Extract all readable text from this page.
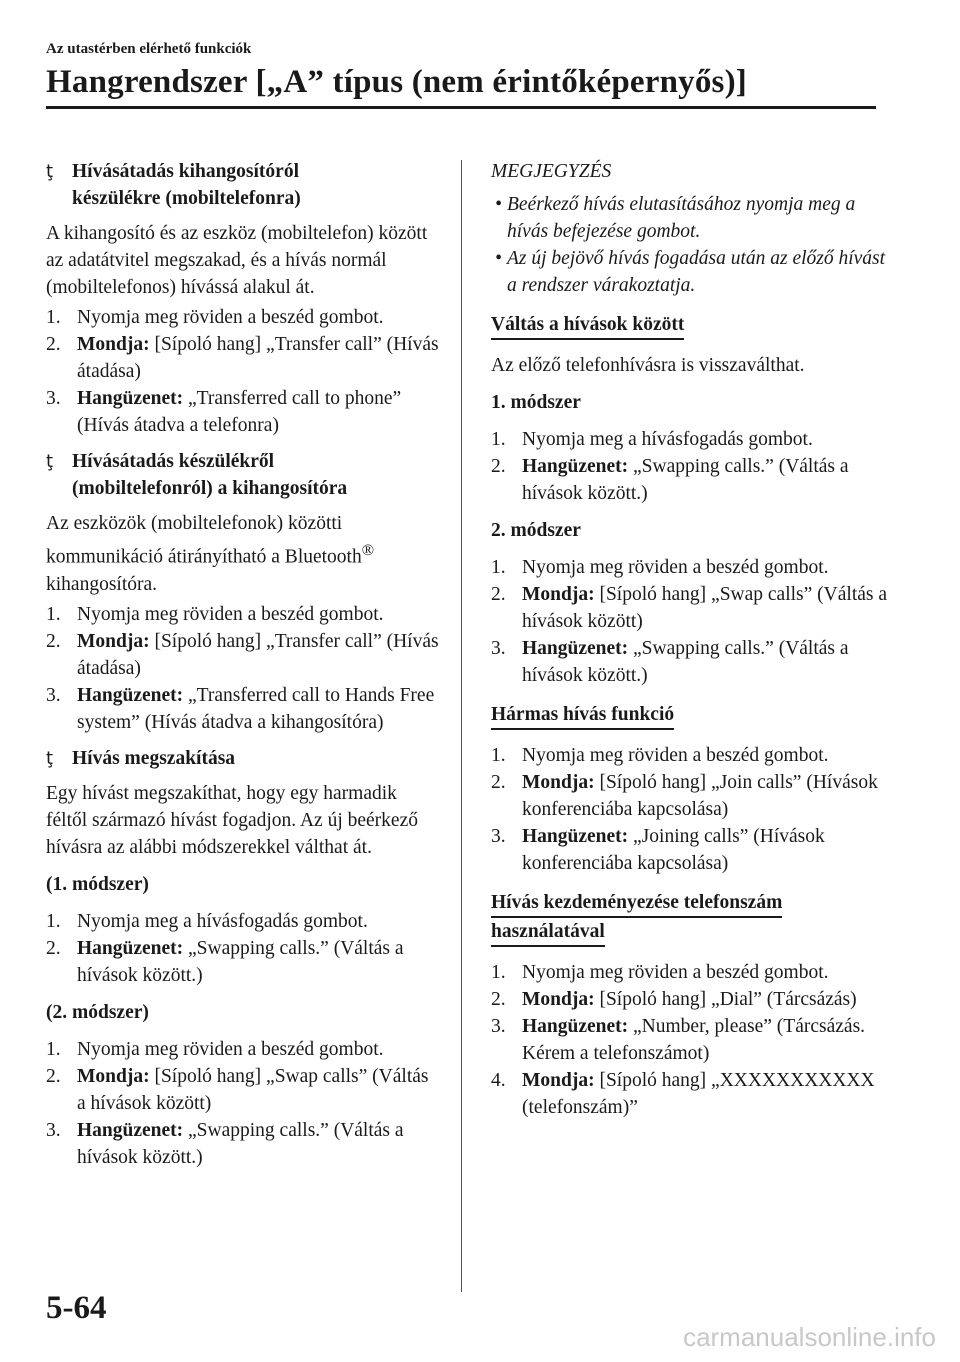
Az utastérben elérhető funkciók
Hangrendszer [„A” típus (nem érintőképernyős)]
ţ Hívásátadás kihangosítóról
készülékre (mobiltelefonra)
A kihangosító és az eszköz (mobiltelefon) között az adatátvitel megszakad, és a hívás normál (mobiltelefonos) hívássá alakul át.
1. Nyomja meg röviden a beszéd gombot.
2. Mondja: [Sípoló hang] „Transfer call” (Hívás átadása)
3. Hangüzenet: „Transferred call to phone” (Hívás átadva a telefonra)
ţ Hívásátadás készülékről
(mobiltelefonról) a kihangosítóra
Az eszközök (mobiltelefonok) közötti kommunikáció átirányítható a Bluetooth® kihangosítóra.
1. Nyomja meg röviden a beszéd gombot.
2. Mondja: [Sípoló hang] „Transfer call” (Hívás átadása)
3. Hangüzenet: „Transferred call to Hands Free system” (Hívás átadva a kihangosítóra)
ţ Hívás megszakítása
Egy hívást megszakíthat, hogy egy harmadik féltől származó hívást fogadjon. Az új beérkező hívásra az alábbi módszerekkel válthat át.
(1. módszer)
1. Nyomja meg a hívásfogadás gombot.
2. Hangüzenet: „Swapping calls.” (Váltás a hívások között.)
(2. módszer)
1. Nyomja meg röviden a beszéd gombot.
2. Mondja: [Sípoló hang] „Swap calls” (Váltás a hívások között)
3. Hangüzenet: „Swapping calls.” (Váltás a hívások között.)
MEGJEGYZÉS
• Beérkező hívás elutasításához nyomja meg a hívás befejezése gombot.
• Az új bejövő hívás fogadása után az előző hívást a rendszer várakoztatja.
Váltás a hívások között
Az előző telefonhívásra is visszaválthat.
1. módszer
1. Nyomja meg a hívásfogadás gombot.
2. Hangüzenet: „Swapping calls.” (Váltás a hívások között.)
2. módszer
1. Nyomja meg röviden a beszéd gombot.
2. Mondja: [Sípoló hang] „Swap calls” (Váltás a hívások között)
3. Hangüzenet: „Swapping calls.” (Váltás a hívások között.)
Hármas hívás funkció
1. Nyomja meg röviden a beszéd gombot.
2. Mondja: [Sípoló hang] „Join calls” (Hívások konferenciába kapcsolása)
3. Hangüzenet: „Joining calls” (Hívások konferenciába kapcsolása)
Hívás kezdeményezése telefonszám
használatával
1. Nyomja meg röviden a beszéd gombot.
2. Mondja: [Sípoló hang] „Dial” (Tárcsázás)
3. Hangüzenet: „Number, please” (Tárcsázás. Kérem a telefonszámot)
4. Mondja: [Sípoló hang] „XXXXXXXXXXX (telefonszám)”
5-64
carmanualsonline.info
